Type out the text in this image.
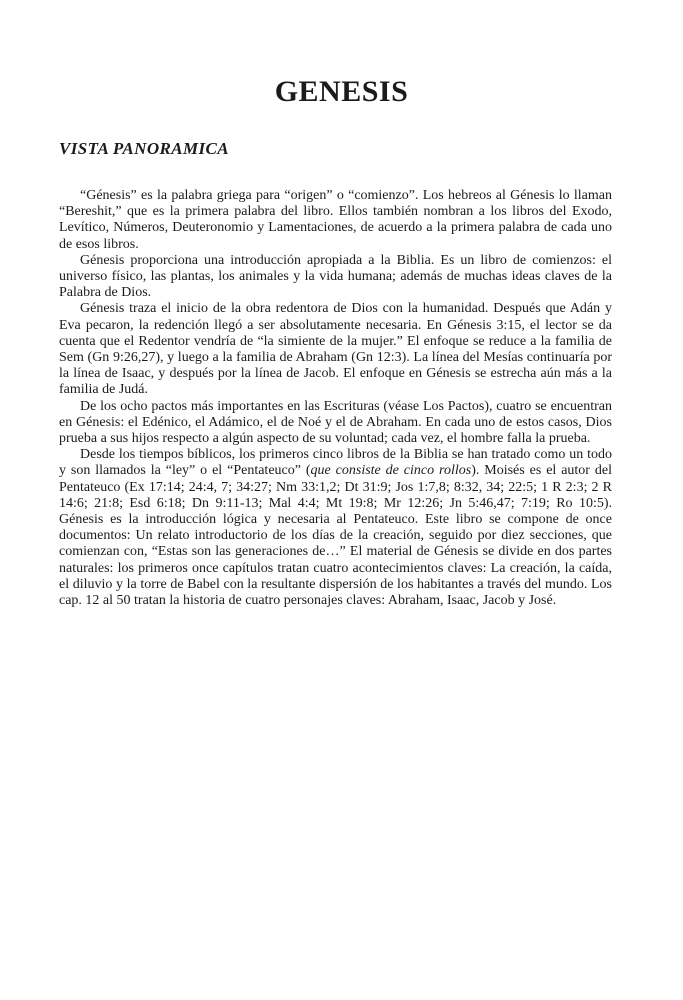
GENESIS
VISTA PANORAMICA

“Génesis” es la palabra griega para “origen” o “comienzo”. Los hebreos al Génesis lo llaman “Bereshit,” que es la primera palabra del libro. Ellos también nombran a los libros del Exodo, Levítico, Números, Deuteronomio y Lamentaciones, de acuerdo a la primera palabra de cada uno de esos libros.

Génesis proporciona una introducción apropiada a la Biblia. Es un libro de comienzos: el universo físico, las plantas, los animales y la vida humana; además de muchas ideas claves de la Palabra de Dios.

Génesis traza el inicio de la obra redentora de Dios con la humanidad. Después que Adán y Eva pecaron, la redención llegó a ser absolutamente necesaria. En Génesis 3:15, el lector se da cuenta que el Redentor vendría de “la simiente de la mujer.” El enfoque se reduce a la familia de Sem (Gn 9:26,27), y luego a la familia de Abraham (Gn 12:3). La línea del Mesías continuaría por la línea de Isaac, y después por la línea de Jacob. El enfoque en Génesis se estrecha aún más a la familia de Judá.

De los ocho pactos más importantes en las Escrituras (véase Los Pactos), cuatro se encuentran en Génesis: el Edénico, el Adámico, el de Noé y el de Abraham. En cada uno de estos casos, Dios prueba a sus hijos respecto a algún aspecto de su voluntad; cada vez, el hombre falla la prueba.

Desde los tiempos bíblicos, los primeros cinco libros de la Biblia se han tratado como un todo y son llamados la “ley” o el “Pentateuco” (que consiste de cinco rollos). Moisés es el autor del Pentateuco (Ex 17:14; 24:4, 7; 34:27; Nm 33:1,2; Dt 31:9; Jos 1:7,8; 8:32, 34; 22:5; 1 R 2:3; 2 R 14:6; 21:8; Esd 6:18; Dn 9:11-13; Mal 4:4; Mt 19:8; Mr 12:26; Jn 5:46,47; 7:19; Ro 10:5). Génesis es la introducción lógica y necesaria al Pentateuco. Este libro se compone de once documentos: Un relato introductorio de los días de la creación, seguido por diez secciones, que comienzan con, “Estas son las generaciones de…” El material de Génesis se divide en dos partes naturales: los primeros once capítulos tratan cuatro acontecimientos claves: La creación, la caída, el diluvio y la torre de Babel con la resultante dispersión de los habitantes a través del mundo. Los cap. 12 al 50 tratan la historia de cuatro personajes claves: Abraham, Isaac, Jacob y José.
